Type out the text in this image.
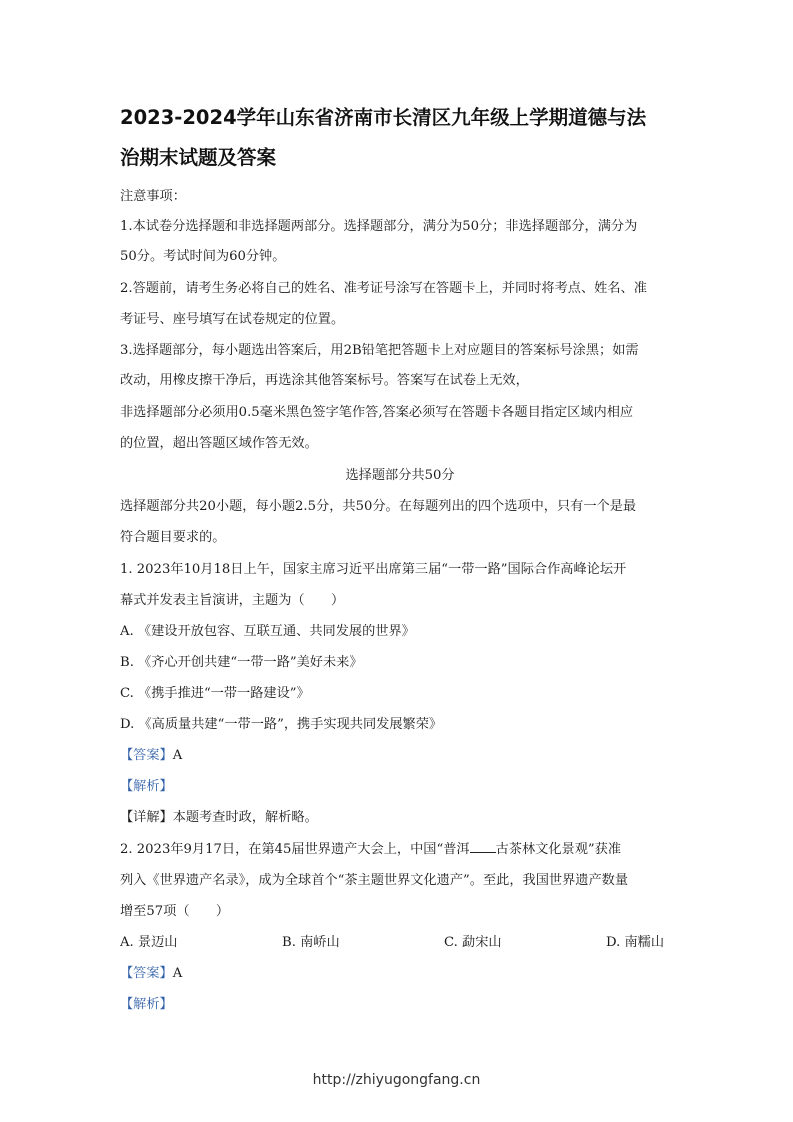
2023-2024学年山东省济南市长清区九年级上学期道德与法
治期末试题及答案
注意事项：
1.本试卷分选择题和非选择题两部分。选择题部分，满分为50分；非选择题部分，满分为
50分。考试时间为60分钟。
2.答题前，请考生务必将自己的姓名、准考证号涂写在答题卡上，并同时将考点、姓名、准
考证号、座号填写在试卷规定的位置。
3.选择题部分，每小题选出答案后，用2B铅笔把答题卡上对应题目的答案标号涂黑；如需
改动，用橡皮擦干净后，再选涂其他答案标号。答案写在试卷上无效，
非选择题部分必须用0.5毫米黑色签字笔作答,答案必须写在答题卡各题目指定区域内相应
的位置，超出答题区域作答无效。
选择题部分共50分
选择题部分共20小题，每小题2.5分，共50分。在每题列出的四个选项中，只有一个是最
符合题目要求的。
1. 2023年10月18日上午，国家主席习近平出席第三届“一带一路”国际合作高峰论坛开
幕式并发表主旨演讲，主题为（　　）
A. 《建设开放包容、互联互通、共同发展的世界》
B. 《齐心开创共建“一带一路”美好未来》
C. 《携手推进“一带一路建设”》
D. 《高质量共建“一带一路”，携手实现共同发展繁荣》
【答案】A
【解析】
【详解】本题考查时政，解析略。
2. 2023年9月17日，在第45届世界遗产大会上，中国“普洱 古茶林文化景观”获准
列入《世界遗产名录》，成为全球首个“茶主题世界文化遗产”。至此，我国世界遗产数量
增至57项（　　）
A. 景迈山	B. 南峤山	C. 勐宋山	D. 南糯山
【答案】A
【解析】
http://zhiyugongfang.cn
